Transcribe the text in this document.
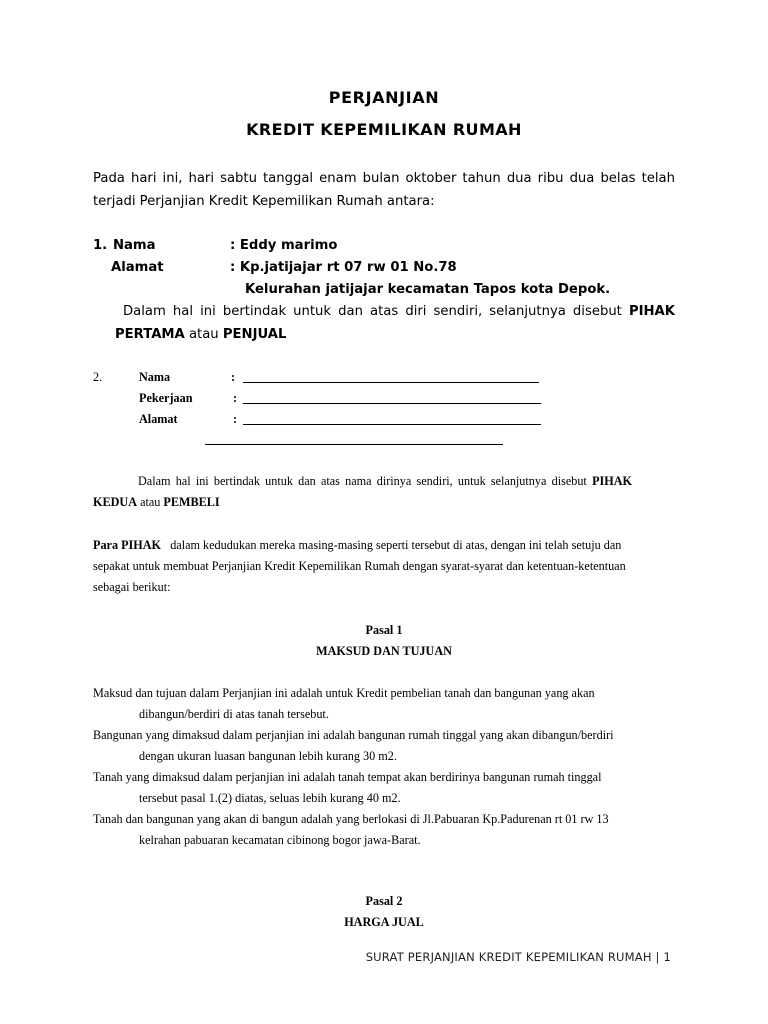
PERJANJIAN
KREDIT KEPEMILIKAN RUMAH
Pada hari ini, hari sabtu tanggal enam bulan oktober tahun dua ribu dua belas telah
terjadi Perjanjian Kredit Kepemilikan Rumah antara:
1. Nama	: Eddy marimo
Alamat	: Kp.jatijajar rt 07 rw 01 No.78
Kelurahan jatijajar kecamatan Tapos kota Depok.
Dalam hal ini bertindak untuk dan atas diri sendiri, selanjutnya disebut PIHAK
PERTAMA atau PENJUAL
2.	Nama	:
Pekerjaan	:
Alamat	:
Dalam hal ini bertindak untuk dan atas nama dirinya sendiri, untuk selanjutnya disebut PIHAK
KEDUA atau PEMBELI
Para PIHAK dalam kedudukan mereka masing-masing seperti tersebut di atas, dengan ini telah setuju dan
sepakat untuk membuat Perjanjian Kredit Kepemilikan Rumah dengan syarat-syarat dan ketentuan-ketentuan
sebagai berikut:
Pasal 1
MAKSUD DAN TUJUAN
Maksud dan tujuan dalam Perjanjian ini adalah untuk Kredit pembelian tanah dan bangunan yang akan
dibangun/berdiri di atas tanah tersebut.
Bangunan yang dimaksud dalam perjanjian ini adalah bangunan rumah tinggal yang akan dibangun/berdiri
dengan ukuran luasan bangunan lebih kurang 30 m2.
Tanah yang dimaksud dalam perjanjian ini adalah tanah tempat akan berdirinya bangunan rumah tinggal
tersebut pasal 1.(2) diatas, seluas lebih kurang 40 m2.
Tanah dan bangunan yang akan di bangun adalah yang berlokasi di Jl.Pabuaran Kp.Padurenan rt 01 rw 13
kelrahan pabuaran kecamatan cibinong bogor jawa-Barat.
Pasal 2
HARGA JUAL
SURAT PERJANJIAN KREDIT KEPEMILIKAN RUMAH | 1
